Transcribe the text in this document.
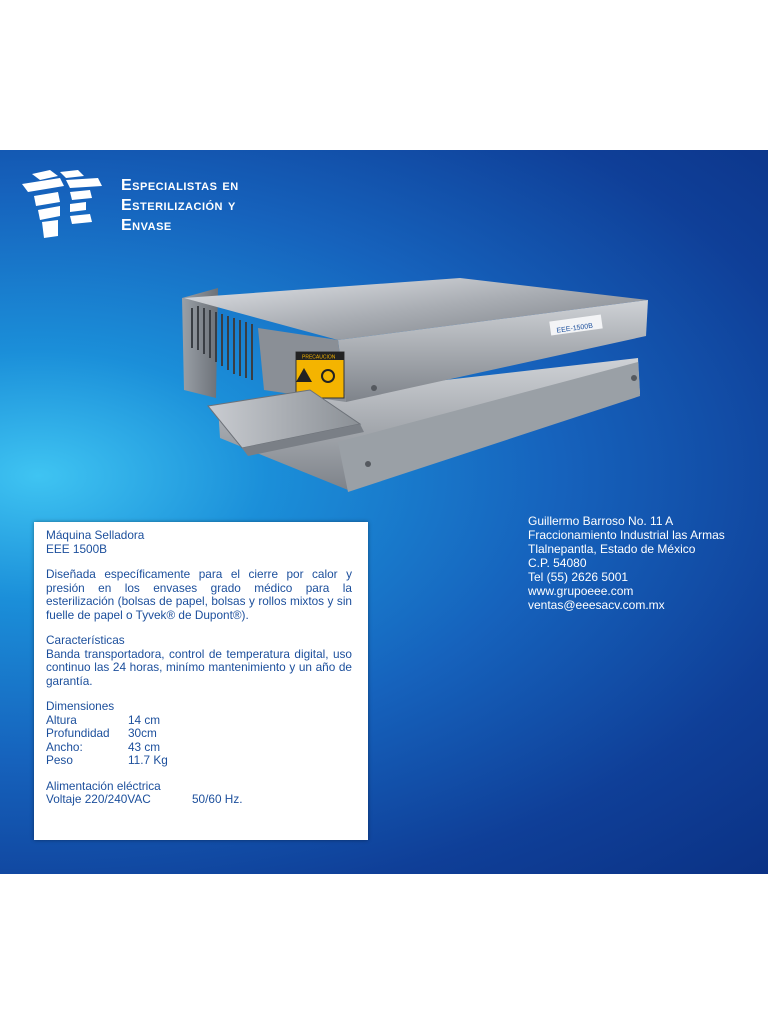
Especialistas en
Esterilización y
Envase
EEE-1500B
PRECAUCION

Máquina Selladora

EEE 1500B

Diseñada específicamente para el cierre por calor y presión en los envases grado médico para la esterilización (bolsas de papel, bolsas y rollos mixtos y sin fuelle de papel o Tyvek® de Dupont®).

Características

Banda transportadora, control de temperatura digital, uso continuo las 24 horas, minímo mantenimiento y un año de garantía.

Dimensiones

Altura	14 cm
Profundidad	30cm
Ancho:	43 cm
Peso	11.7 Kg

Alimentación eléctrica

Voltaje 220/240VAC	50/60 Hz.
Guillermo Barroso No. 11 A
Fraccionamiento Industrial las Armas
Tlalnepantla, Estado de México
C.P. 54080
Tel (55) 2626 5001
www.grupoeee.com
ventas@eeesacv.com.mx
